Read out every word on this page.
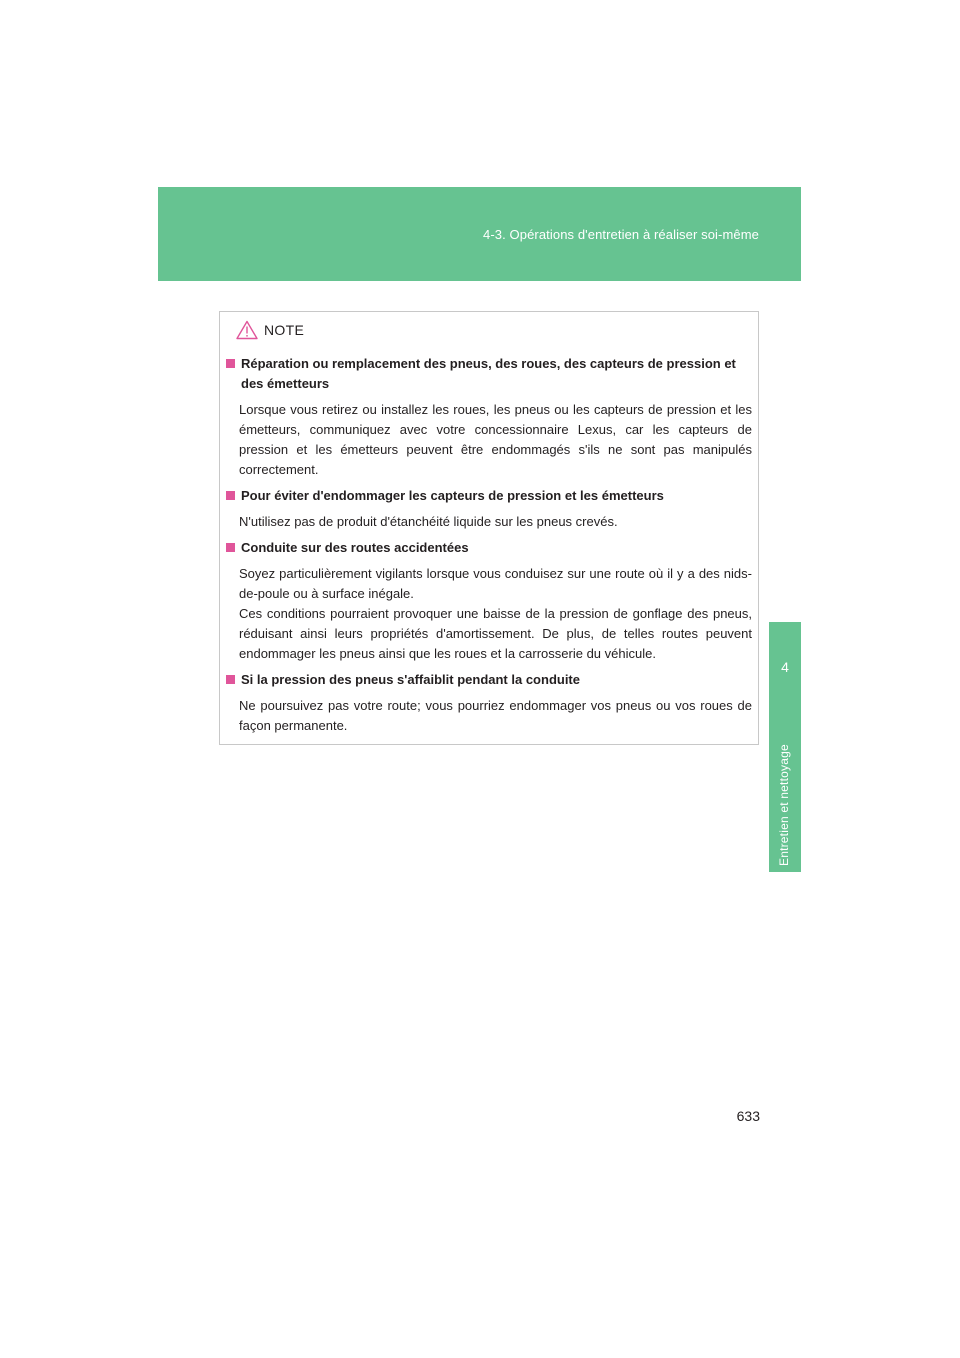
4-3. Opérations d'entretien à réaliser soi-même
4
Entretien et nettoyage
NOTE
Réparation ou remplacement des pneus, des roues, des capteurs de pression et des émetteurs

Lorsque vous retirez ou installez les roues, les pneus ou les capteurs de pression et les émetteurs, communiquez avec votre concessionnaire Lexus, car les capteurs de pression et les émetteurs peuvent être endommagés s'ils ne sont pas manipulés correctement.

Pour éviter d'endommager les capteurs de pression et les émetteurs

N'utilisez pas de produit d'étanchéité liquide sur les pneus crevés.

Conduite sur des routes accidentées

Soyez particulièrement vigilants lorsque vous conduisez sur une route où il y a des nids-de-poule ou à surface inégale.

Ces conditions pourraient provoquer une baisse de la pression de gonflage des pneus, réduisant ainsi leurs propriétés d'amortissement. De plus, de telles routes peuvent endommager les pneus ainsi que les roues et la carrosserie du véhicule.

Si la pression des pneus s'affaiblit pendant la conduite

Ne poursuivez pas votre route; vous pourriez endommager vos pneus ou vos roues de façon permanente.

633
